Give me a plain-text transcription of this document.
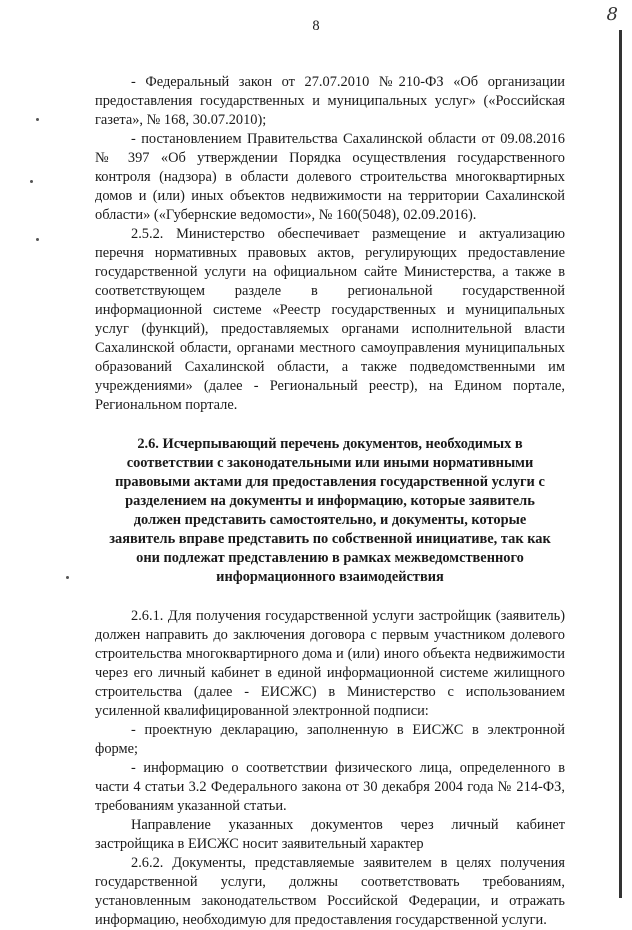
8
8

- Федеральный закон от 27.07.2010 №210-ФЗ «Об организации предоставления государственных и муниципальных услуг» («Российская газета», № 168, 30.07.2010);

- постановлением Правительства Сахалинской области от 09.08.2016 № 397 «Об утверждении Порядка осуществления государственного контроля (надзора) в области долевого строительства многоквартирных домов и (или) иных объектов недвижимости на территории Сахалинской области» («Губернские ведомости», № 160(5048), 02.09.2016).

2.5.2. Министерство обеспечивает размещение и актуализацию перечня нормативных правовых актов, регулирующих предоставление государственной услуги на официальном сайте Министерства, а также в соответствующем разделе в региональной государственной информационной системе «Реестр государственных и муниципальных услуг (функций), предоставляемых органами исполнительной власти Сахалинской области, органами местного самоуправления муниципальных образований Сахалинской области, а также подведомственными им учреждениями» (далее - Региональный реестр), на Едином портале, Региональном портале.

2.6. Исчерпывающий перечень документов, необходимых в соответствии с законодательными или иными нормативными правовыми актами для предоставления государственной услуги с разделением на документы и информацию, которые заявитель должен представить самостоятельно, и документы, которые заявитель вправе представить по собственной инициативе, так как они подлежат представлению в рамках межведомственного информационного взаимодействия

2.6.1. Для получения государственной услуги застройщик (заявитель) должен направить до заключения договора с первым участником долевого строительства многоквартирного дома и (или) иного объекта недвижимости через его личный кабинет в единой информационной системе жилищного строительства (далее - ЕИСЖС) в Министерство с использованием усиленной квалифицированной электронной подписи:

- проектную декларацию, заполненную в ЕИСЖС в электронной форме;

- информацию о соответствии физического лица, определенного в части 4 статьи 3.2 Федерального закона от 30 декабря 2004 года № 214-ФЗ, требованиям указанной статьи.

Направление указанных документов через личный кабинет застройщика в ЕИСЖС носит заявительный характер

2.6.2. Документы, представляемые заявителем в целях получения государственной услуги, должны соответствовать требованиям, установленным законодательством Российской Федерации, и отражать информацию, необходимую для предоставления государственной услуги.
